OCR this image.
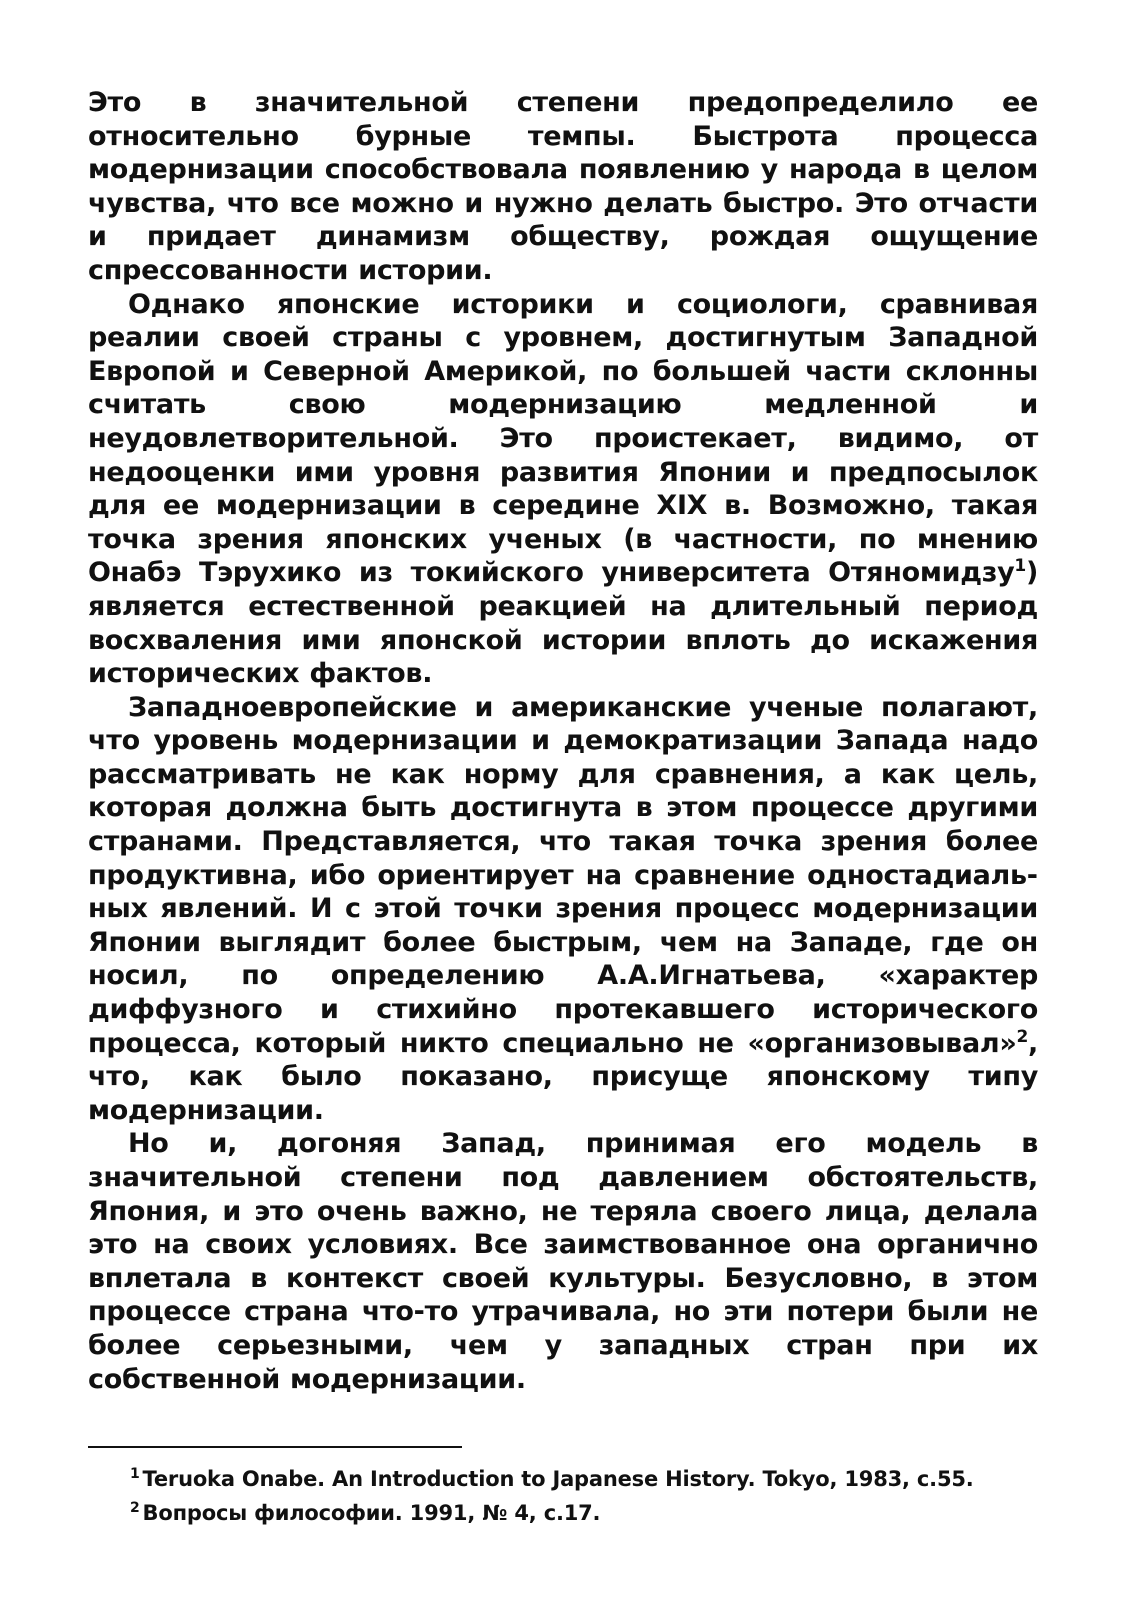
Это в значительной степени предопределило ее относительно бурные темпы. Быстрота процесса модернизации способствовала появлению у народа в целом чувства, что все можно и нужно делать быстро. Это отчасти и придает динамизм обществу, рождая ощущение спрессованности истории.

Однако японские историки и социологи, сравнивая реалии своей страны с уровнем, достигнутым Западной Европой и Северной Америкой, по большей части склонны считать свою модернизацию медленной и неудовлетворительной. Это проистекает, видимо, от недооценки ими уровня развития Японии и предпосылок для ее модернизации в середине XIX в. Возможно, такая точка зрения японских ученых (в частности, по мнению Онабэ Тэрухико из токийского университета Отяномидзу$^1$) является естественной реакцией на длительный период восхваления ими японской истории вплоть до искажения исторических фактов.

Западноевропейские и американские ученые полагают, что уровень модернизации и демократизации Запада надо рассматривать не как норму для сравнения, а как цель, которая должна быть достигнута в этом процессе другими странами. Представляется, что такая точка зрения более продуктивна, ибо ориентирует на сравнение одностадиальных явлений. И с этой точки зрения процесс модернизации Японии выглядит более быстрым, чем на Западе, где он носил, по определению А.А.Игнатьева, «характер диффузного и стихийно протекавшего исторического процесса, который никто специально не «организовывал»$^2$, что, как было показано, присуще японскому типу модернизации.

Но и, догоняя Запад, принимая его модель в значительной степени под давлением обстоятельств, Япония, и это очень важно, не теряла своего лица, делала это на своих условиях. Все заимствованное она органично вплетала в контекст своей культуры. Безусловно, в этом процессе страна что-то утрачивала, но эти потери были не более серьезными, чем у западных стран при их собственной модернизации.

$^1$ Teruoka Onabe. An Introduction to Japanese History. Tokyo, 1983, c.55.

$^2$ Вопросы философии. 1991, № 4, с.17.
